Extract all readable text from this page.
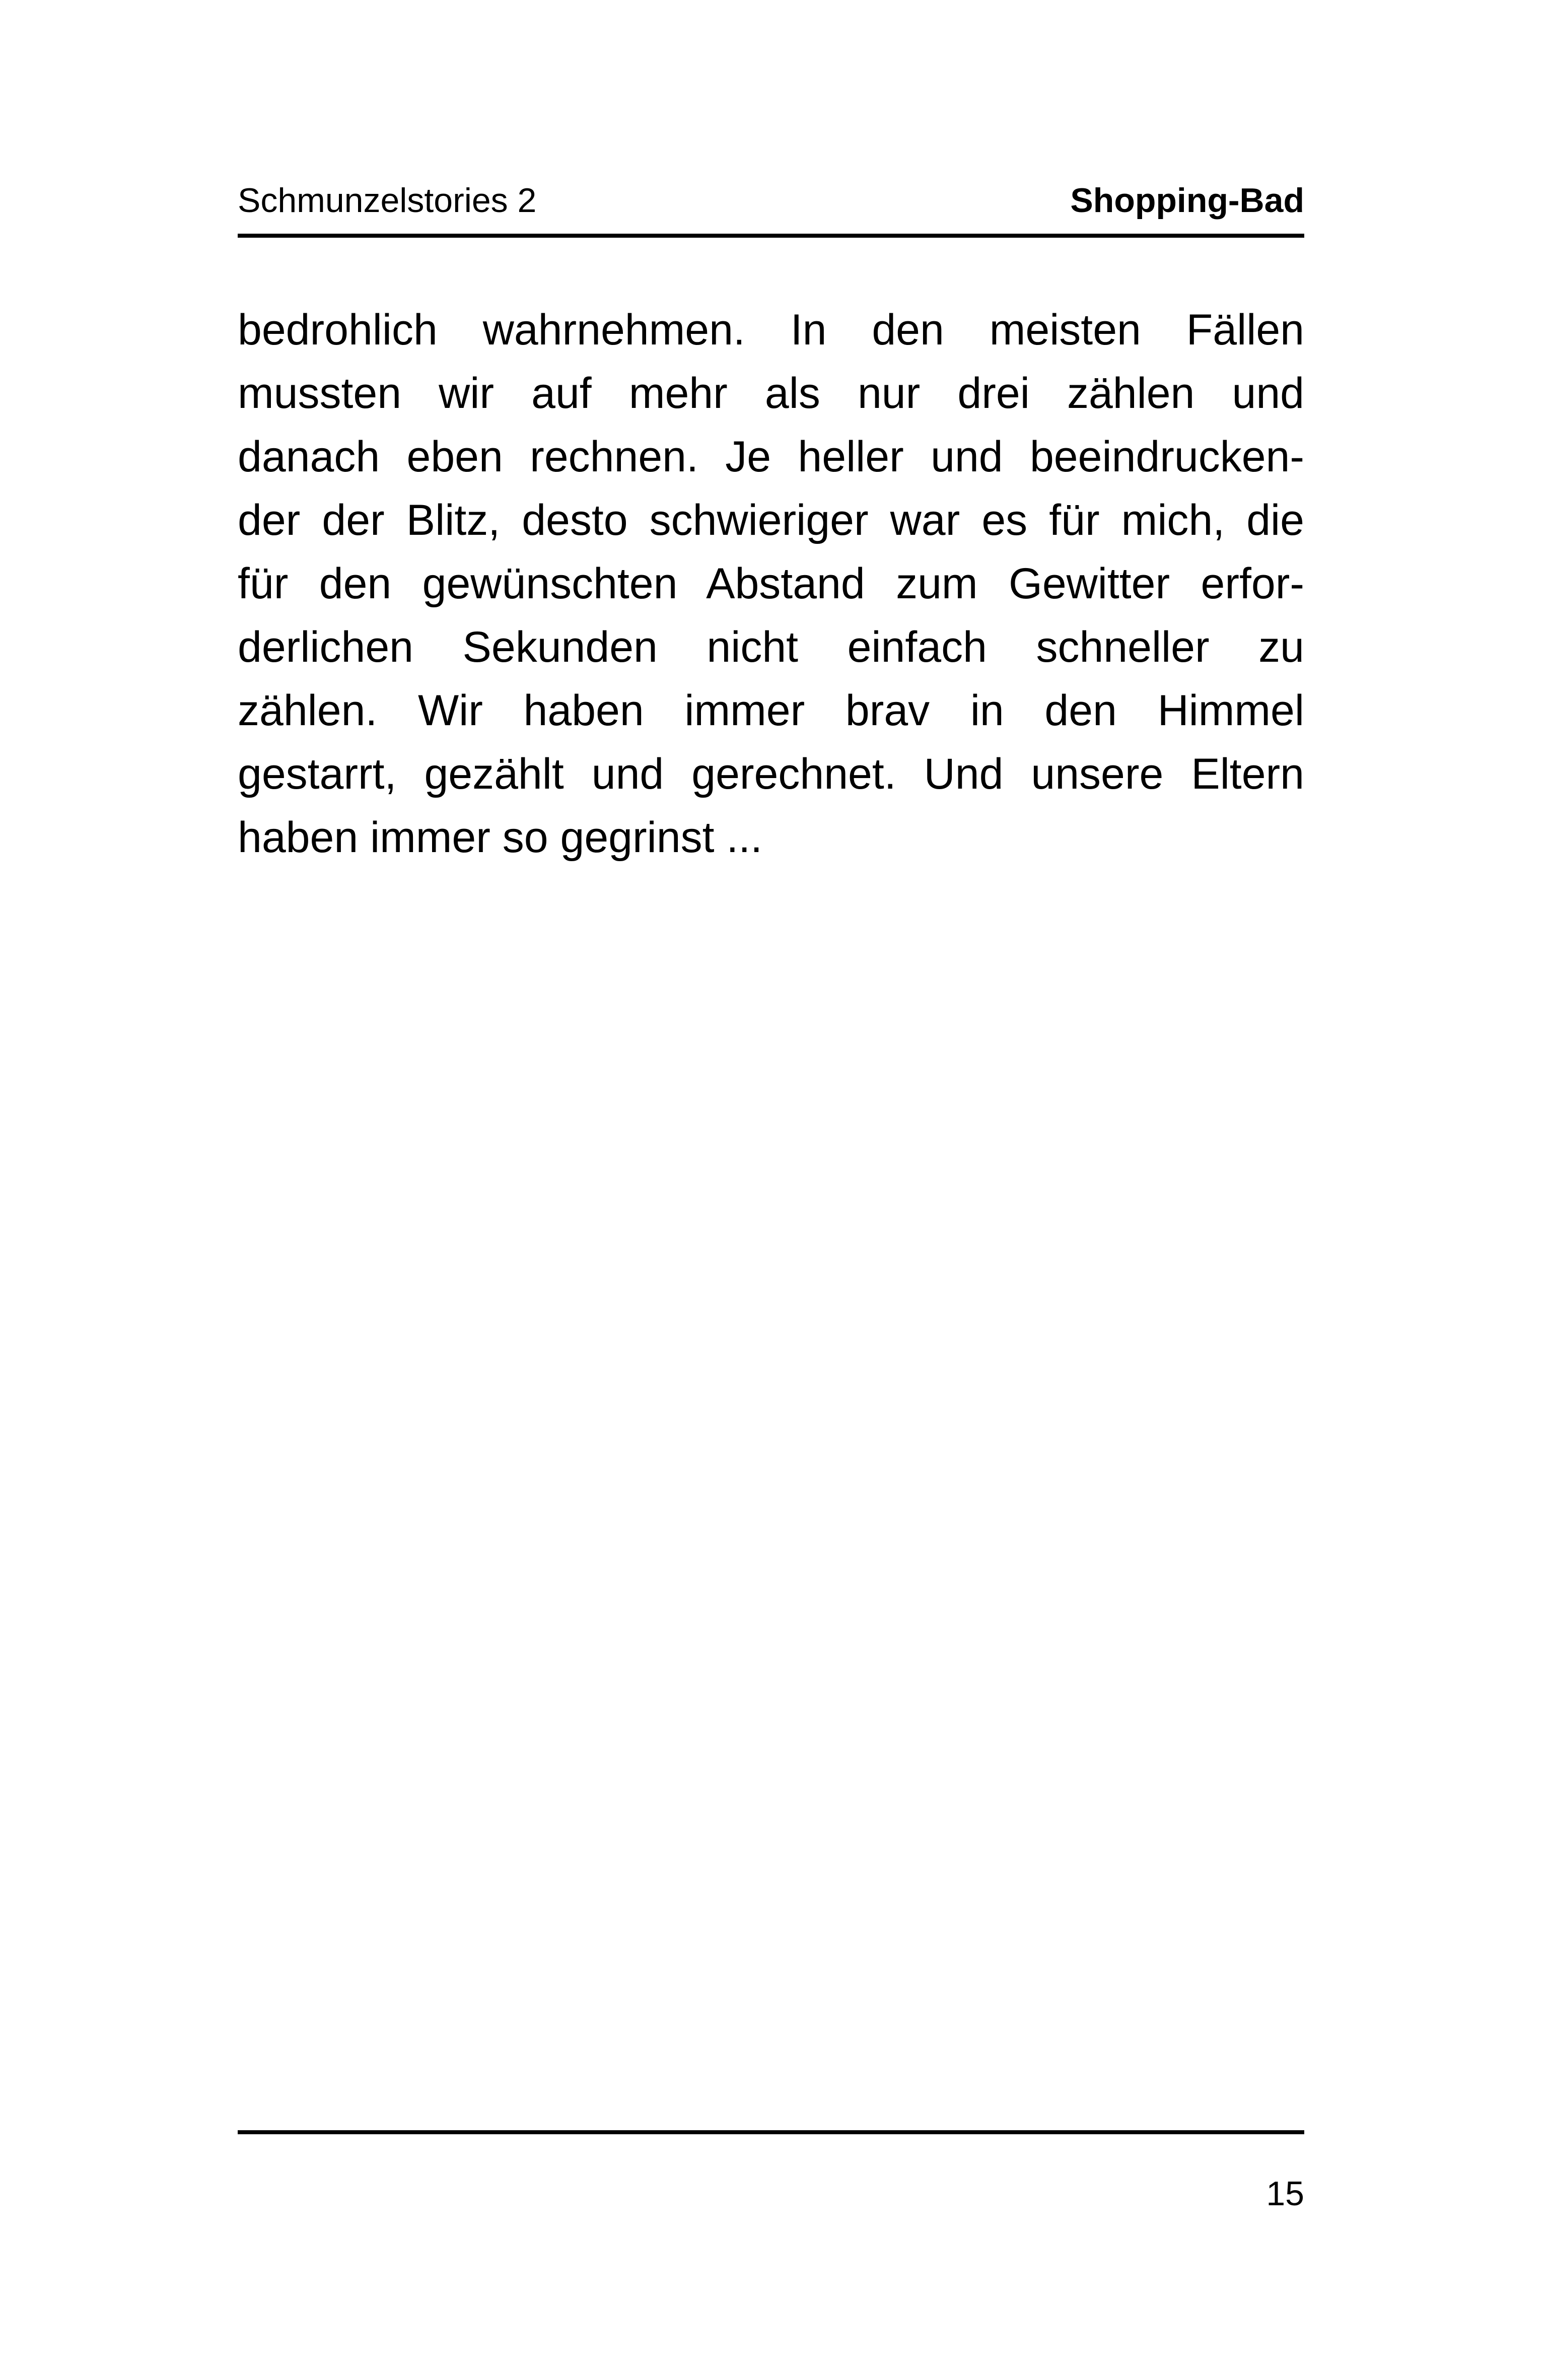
Schmunzelstories 2	Shopping-Bad
bedrohlich wahrnehmen. In den meisten Fällen
mussten wir auf mehr als nur drei zählen und
danach eben rechnen. Je heller und beeindrucken-
der der Blitz, desto schwieriger war es für mich, die
für den gewünschten Abstand zum Gewitter erfor-
derlichen Sekunden nicht einfach schneller zu
zählen. Wir haben immer brav in den Himmel
gestarrt, gezählt und gerechnet. Und unsere Eltern
haben immer so gegrinst ...
15
